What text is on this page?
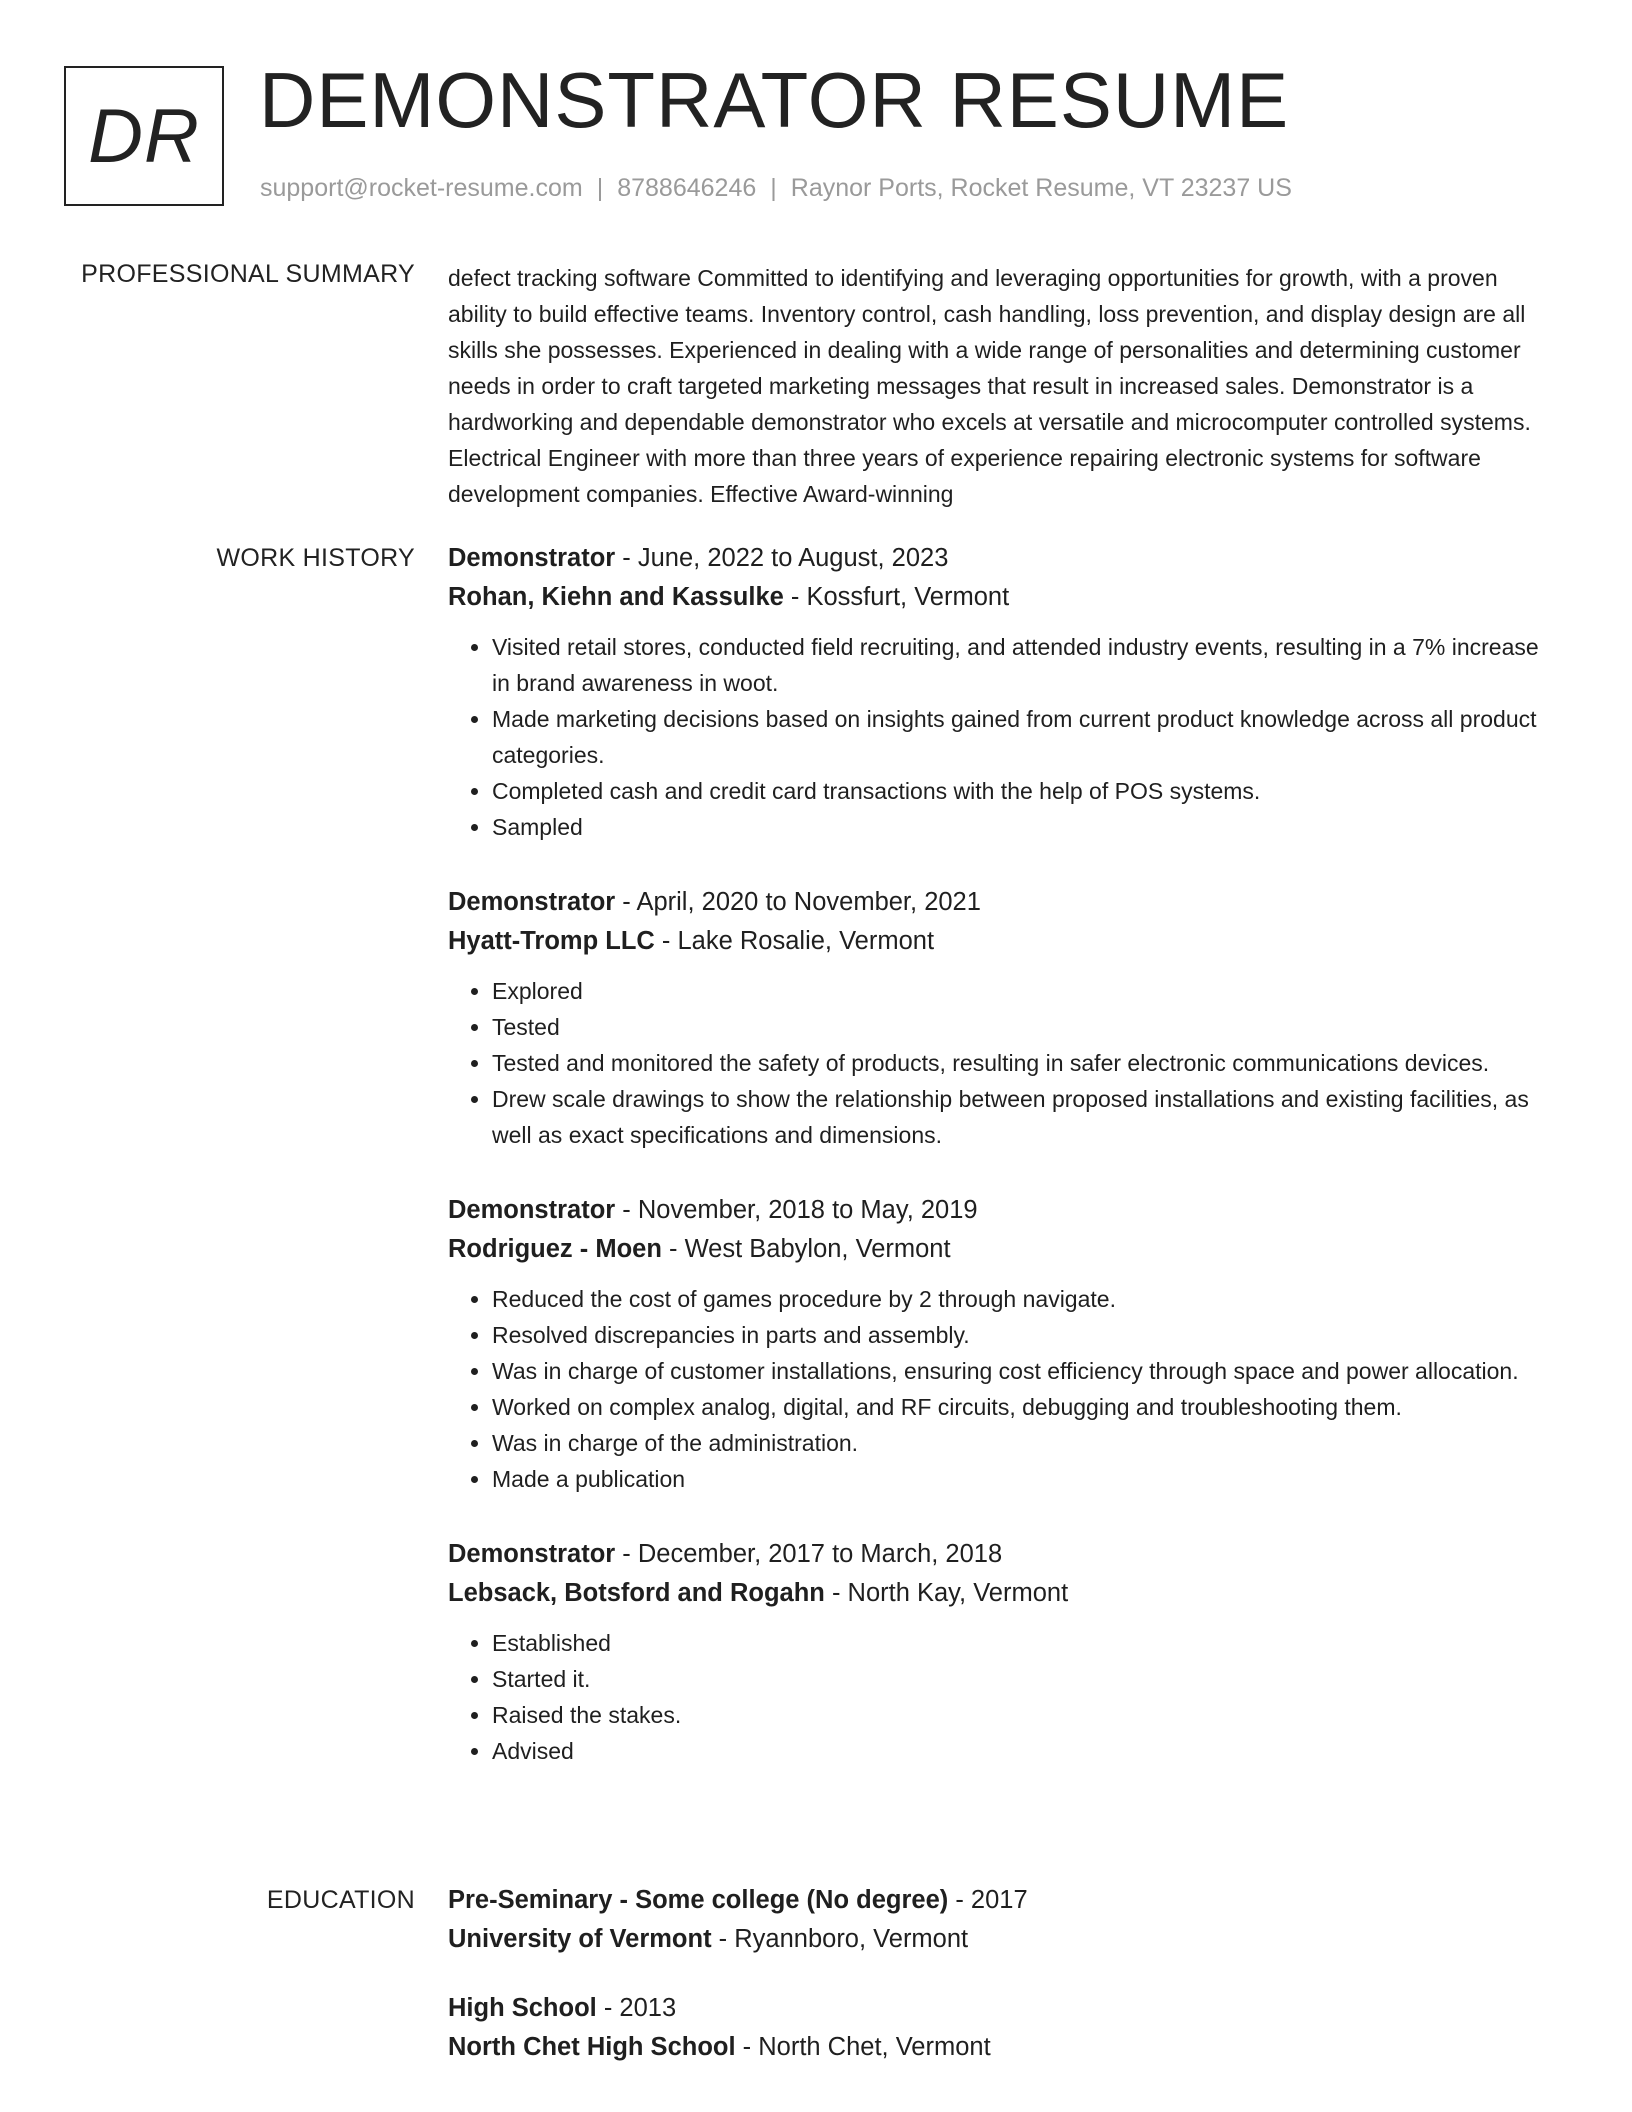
DR DEMONSTRATOR RESUME
support@rocket-resume.com | 8788646246 | Raynor Ports, Rocket Resume, VT 23237 US
PROFESSIONAL SUMMARY defect tracking software Committed to identifying and leveraging opportunities for growth, with a proven ability to build effective teams. Inventory control, cash handling, loss prevention, and display design are all skills she possesses. Experienced in dealing with a wide range of personalities and determining customer needs in order to craft targeted marketing messages that result in increased sales. Demonstrator is a hardworking and dependable demonstrator who excels at versatile and microcomputer controlled systems. Electrical Engineer with more than three years of experience repairing electronic systems for software development companies. Effective Award-winning

WORK HISTORY Demonstrator - June, 2022 to August, 2023
Rohan, Kiehn and Kassulke - Kossfurt, Vermont
• Visited retail stores, conducted field recruiting, and attended industry events, resulting in a 7% increase in brand awareness in woot.
• Made marketing decisions based on insights gained from current product knowledge across all product categories.
• Completed cash and credit card transactions with the help of POS systems.
• Sampled
Demonstrator - April, 2020 to November, 2021
Hyatt-Tromp LLC - Lake Rosalie, Vermont
• Explored
• Tested
• Tested and monitored the safety of products, resulting in safer electronic communications devices.
• Drew scale drawings to show the relationship between proposed installations and existing facilities, as well as exact specifications and dimensions.
Demonstrator - November, 2018 to May, 2019
Rodriguez - Moen - West Babylon, Vermont
• Reduced the cost of games procedure by 2 through navigate.
• Resolved discrepancies in parts and assembly.
• Was in charge of customer installations, ensuring cost efficiency through space and power allocation.
• Worked on complex analog, digital, and RF circuits, debugging and troubleshooting them.
• Was in charge of the administration.
• Made a publication
Demonstrator - December, 2017 to March, 2018
Lebsack, Botsford and Rogahn - North Kay, Vermont
• Established
• Started it.
• Raised the stakes.
• Advised
EDUCATION Pre-Seminary - Some college (No degree) - 2017
University of Vermont - Ryannboro, Vermont
High School - 2013
North Chet High School - North Chet, Vermont
